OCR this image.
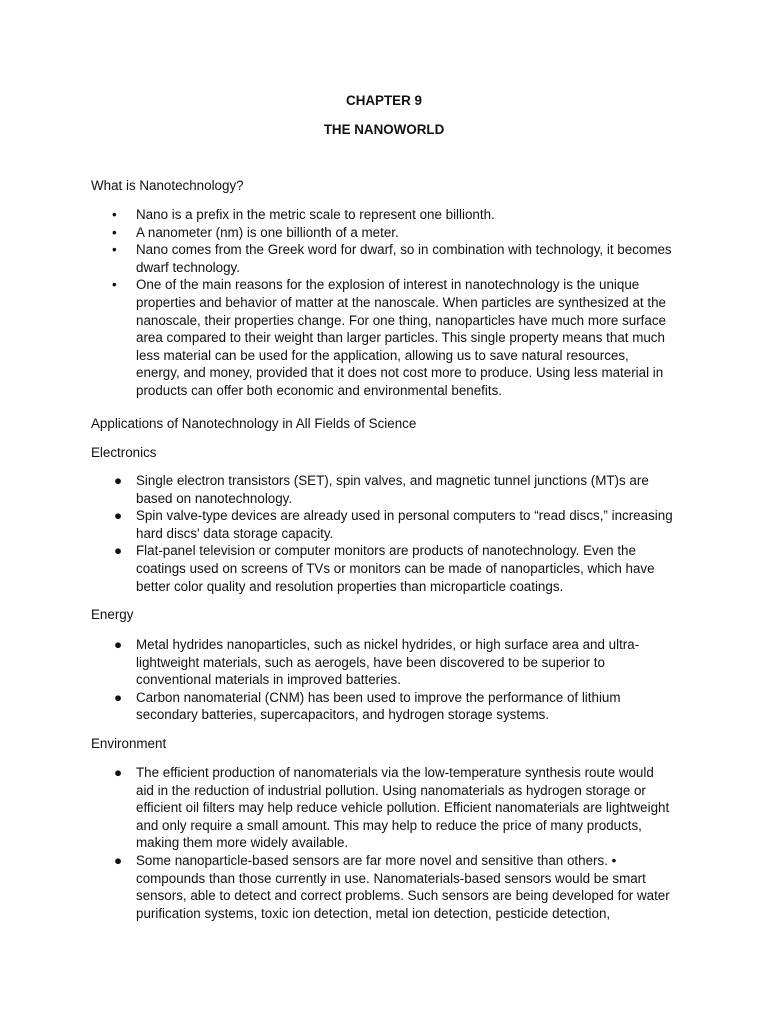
CHAPTER 9
THE NANOWORLD
What is Nanotechnology?
• Nano is a prefix in the metric scale to represent one billionth.
• A nanometer (nm) is one billionth of a meter.
• Nano comes from the Greek word for dwarf, so in combination with technology, it becomes dwarf technology.
• One of the main reasons for the explosion of interest in nanotechnology is the unique properties and behavior of matter at the nanoscale. When particles are synthesized at the nanoscale, their properties change. For one thing, nanoparticles have much more surface area compared to their weight than larger particles. This single property means that much less material can be used for the application, allowing us to save natural resources, energy, and money, provided that it does not cost more to produce. Using less material in products can offer both economic and environmental benefits.
Applications of Nanotechnology in All Fields of Science
Electronics
● Single electron transistors (SET), spin valves, and magnetic tunnel junctions (MT)s are based on nanotechnology.
● Spin valve-type devices are already used in personal computers to “read discs,” increasing hard discs' data storage capacity.
● Flat-panel television or computer monitors are products of nanotechnology. Even the coatings used on screens of TVs or monitors can be made of nanoparticles, which have better color quality and resolution properties than microparticle coatings.
Energy
● Metal hydrides nanoparticles, such as nickel hydrides, or high surface area and ultra-lightweight materials, such as aerogels, have been discovered to be superior to conventional materials in improved batteries.
● Carbon nanomaterial (CNM) has been used to improve the performance of lithium secondary batteries, supercapacitors, and hydrogen storage systems.
Environment
● The efficient production of nanomaterials via the low-temperature synthesis route would aid in the reduction of industrial pollution. Using nanomaterials as hydrogen storage or efficient oil filters may help reduce vehicle pollution. Efficient nanomaterials are lightweight and only require a small amount. This may help to reduce the price of many products, making them more widely available.
● Some nanoparticle-based sensors are far more novel and sensitive than others. • compounds than those currently in use. Nanomaterials-based sensors would be smart sensors, able to detect and correct problems. Such sensors are being developed for water purification systems, toxic ion detection, metal ion detection, pesticide detection,
